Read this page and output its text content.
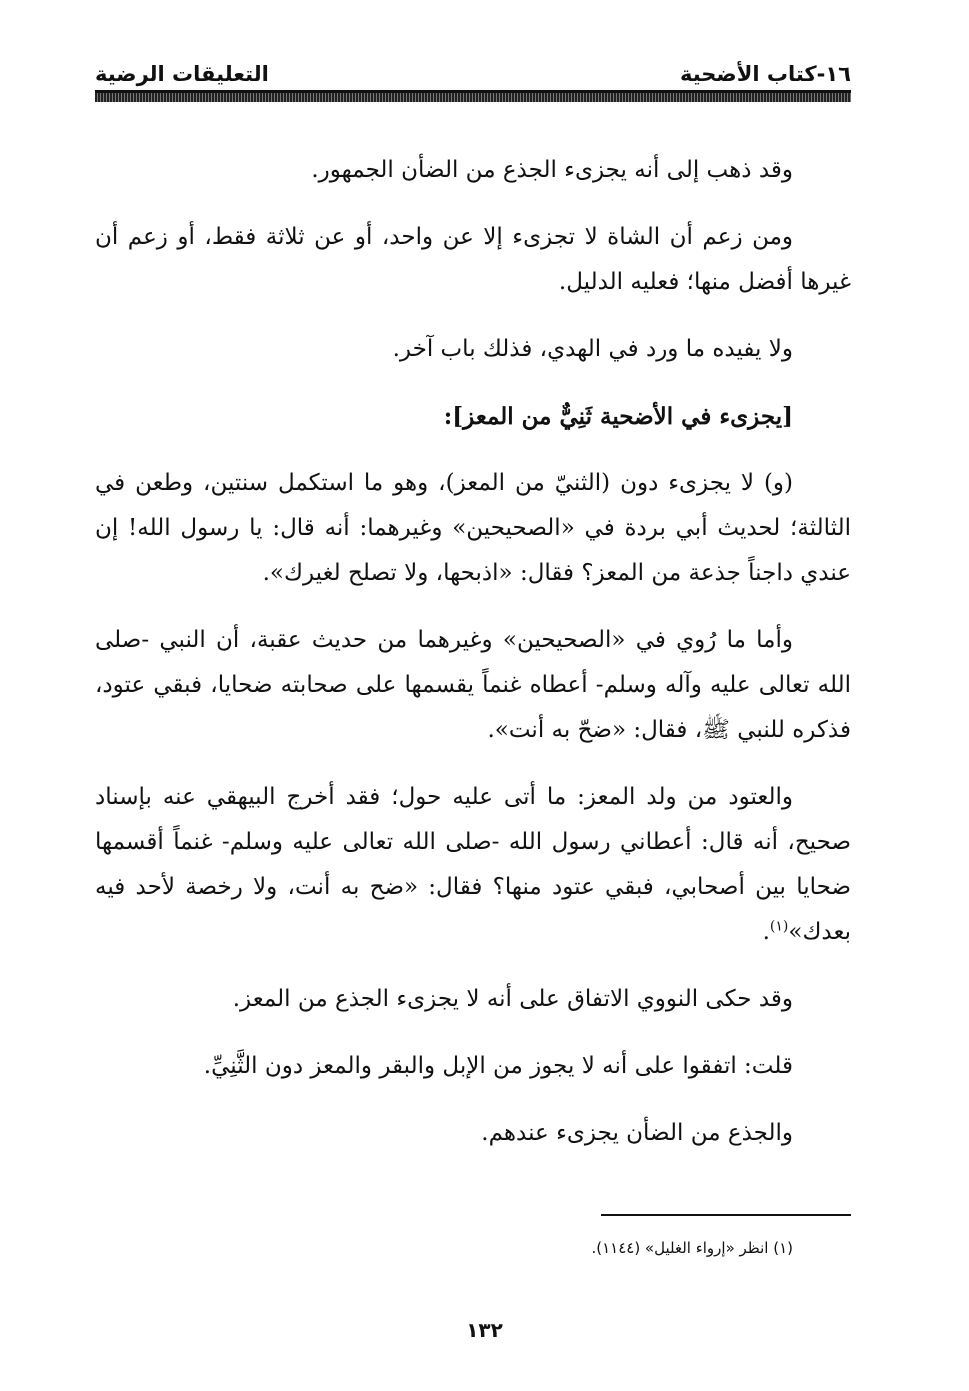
١٦-كتاب الأضحية
التعليقات الرضية

وقد ذهب إلى أنه يجزىء الجذع من الضأن الجمهور.

ومن زعم أن الشاة لا تجزىء إلا عن واحد، أو عن ثلاثة فقط، أو زعم أن غيرها أفضل منها؛ فعليه الدليل.

ولا يفيده ما ورد في الهدي، فذلك باب آخر.

[يجزىء في الأضحية ثَنِيٌّ من المعز]:

(و) لا يجزىء دون (الثنيّ من المعز)، وهو ما استكمل سنتين، وطعن في الثالثة؛ لحديث أبي بردة في «الصحيحين» وغيرهما: أنه قال: يا رسول الله! إن عندي داجناً جذعة من المعز؟ فقال: «اذبحها، ولا تصلح لغيرك».

وأما ما رُوي في «الصحيحين» وغيرهما من حديث عقبة، أن النبي -صلى الله تعالى عليه وآله وسلم- أعطاه غنماً يقسمها على صحابته ضحايا، فبقي عتود، فذكره للنبي ﷺ، فقال: «ضحّ به أنت».

والعتود من ولد المعز: ما أتى عليه حول؛ فقد أخرج البيهقي عنه بإسناد صحيح، أنه قال: أعطاني رسول الله -صلى الله تعالى عليه وسلم- غنماً أقسمها ضحايا بين أصحابي، فبقي عتود منها؟ فقال: «ضح به أنت، ولا رخصة لأحد فيه بعدك»$^{(١)}$.

وقد حكى النووي الاتفاق على أنه لا يجزىء الجذع من المعز.

قلت: اتفقوا على أنه لا يجوز من الإبل والبقر والمعز دون الثَّنِيِّ.

والجذع من الضأن يجزىء عندهم.

(١) انظر «إرواء الغليل» (١١٤٤).
١٣٢
